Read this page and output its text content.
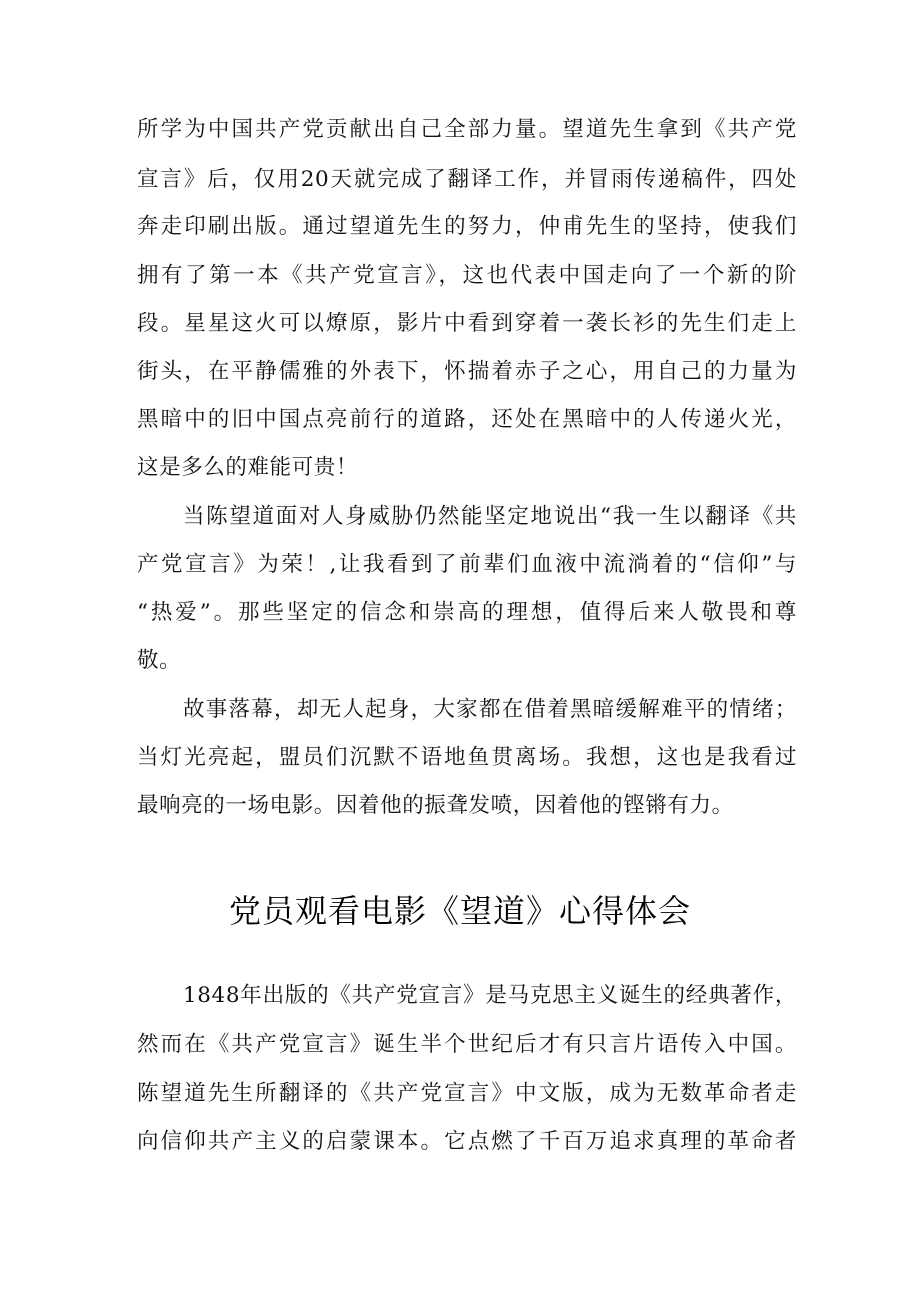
所学为中国共产党贡献出自己全部力量。望道先生拿到《共产党
宣言》后，仅用20天就完成了翻译工作，并冒雨传递稿件，四处
奔走印刷出版。通过望道先生的努力，仲甫先生的坚持，使我们
拥有了第一本《共产党宣言》，这也代表中国走向了一个新的阶
段。星星这火可以燎原，影片中看到穿着一袭长衫的先生们走上
街头，在平静儒雅的外表下，怀揣着赤子之心，用自己的力量为
黑暗中的旧中国点亮前行的道路，还处在黑暗中的人传递火光，
这是多么的难能可贵！
当陈望道面对人身威胁仍然能坚定地说出“我一生以翻译《共
产党宣言》为荣！,让我看到了前辈们血液中流淌着的“信仰”与
“热爱”。那些坚定的信念和崇高的理想，值得后来人敬畏和尊
敬。
故事落幕，却无人起身，大家都在借着黑暗缓解难平的情绪；
当灯光亮起，盟员们沉默不语地鱼贯离场。我想，这也是我看过
最响亮的一场电影。因着他的振聋发喷，因着他的铿锵有力。
党员观看电影《望道》心得体会
1848年出版的《共产党宣言》是马克思主义诞生的经典著作，
然而在《共产党宣言》诞生半个世纪后才有只言片语传入中国。
陈望道先生所翻译的《共产党宣言》中文版，成为无数革命者走
向信仰共产主义的启蒙课本。它点燃了千百万追求真理的革命者
